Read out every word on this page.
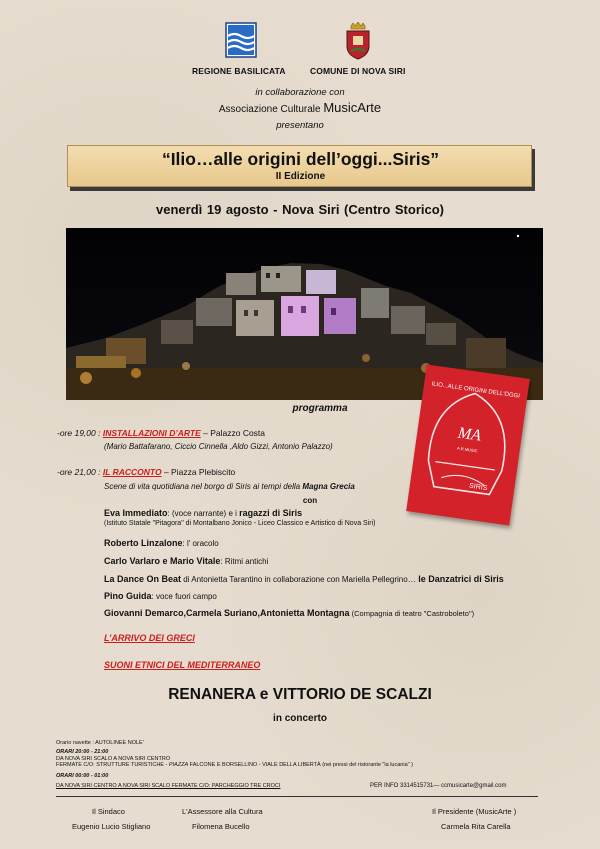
REGIONE BASILICATA	COMUNE DI NOVA SIRI
in collaborazione con
Associazione Culturale MusicArte
presentano
“Ilio…alle origini dell’oggi...Siris”
II Edizione
venerdì 19 agosto - Nova Siri (Centro Storico)
programma
ILIO...ALLE ORIGINI DELL'OGGI
MA
A.R.MUSIC
SIRIS
-ore 19,00 : INSTALLAZIONI D’ARTE – Palazzo Costa
(Mario Battafarano, Ciccio Cinnella ,Aldo Gizzi, Antonio Palazzo)
-ore 21,00 : IL RACCONTO – Piazza Plebiscito
Scene di vita quotidiana nel borgo di Siris ai tempi della Magna Grecia
con
Eva Immediato: (voce narrante) e i ragazzi di Siris
(Istituto Statale "Pitagora" di Montalbano Jonico - Liceo Classico e Artistico di Nova Siri)
Roberto Linzalone: l' oracolo
Carlo Varlaro e Mario Vitale: Ritmi antichi
La Dance On Beat di Antonietta Tarantino in collaborazione con Mariella Pellegrino… le Danzatrici di Siris
Pino Guida: voce fuori campo
Giovanni Demarco,Carmela Suriano,Antonietta Montagna (Compagnia di teatro "Castroboleto")
L’ARRIVO DEI GRECI
SUONI ETNICI DEL MEDITERRANEO
RENANERA e VITTORIO DE SCALZI
in concerto
Orario navette : AUTOLINEE NOLE'
ORARI 20:00 - 21:00
DA NOVA SIRI SCALO A NOVA SIRI CENTRO
FERMATE C/O: STRUTTURE TURISTICHE - PIAZZA FALCONE E BORSELLINO - VIALE DELLA LIBERTÀ (nei pressi del ristorante "la lucania" )
ORARI 00:00 - 01:00
DA NOVA SIRI CENTRO A NOVA SIRI SCALO FERMATE C/O: PARCHEGGIO TRE CROCI	PER INFO 3314515731— ccmusicarte@gmail.com
Il Sindaco
Eugenio Lucio Stigliano
L'Assessore alla Cultura
Filomena Bucello
Il Presidente (MusicArte )
Carmela Rita Carella
